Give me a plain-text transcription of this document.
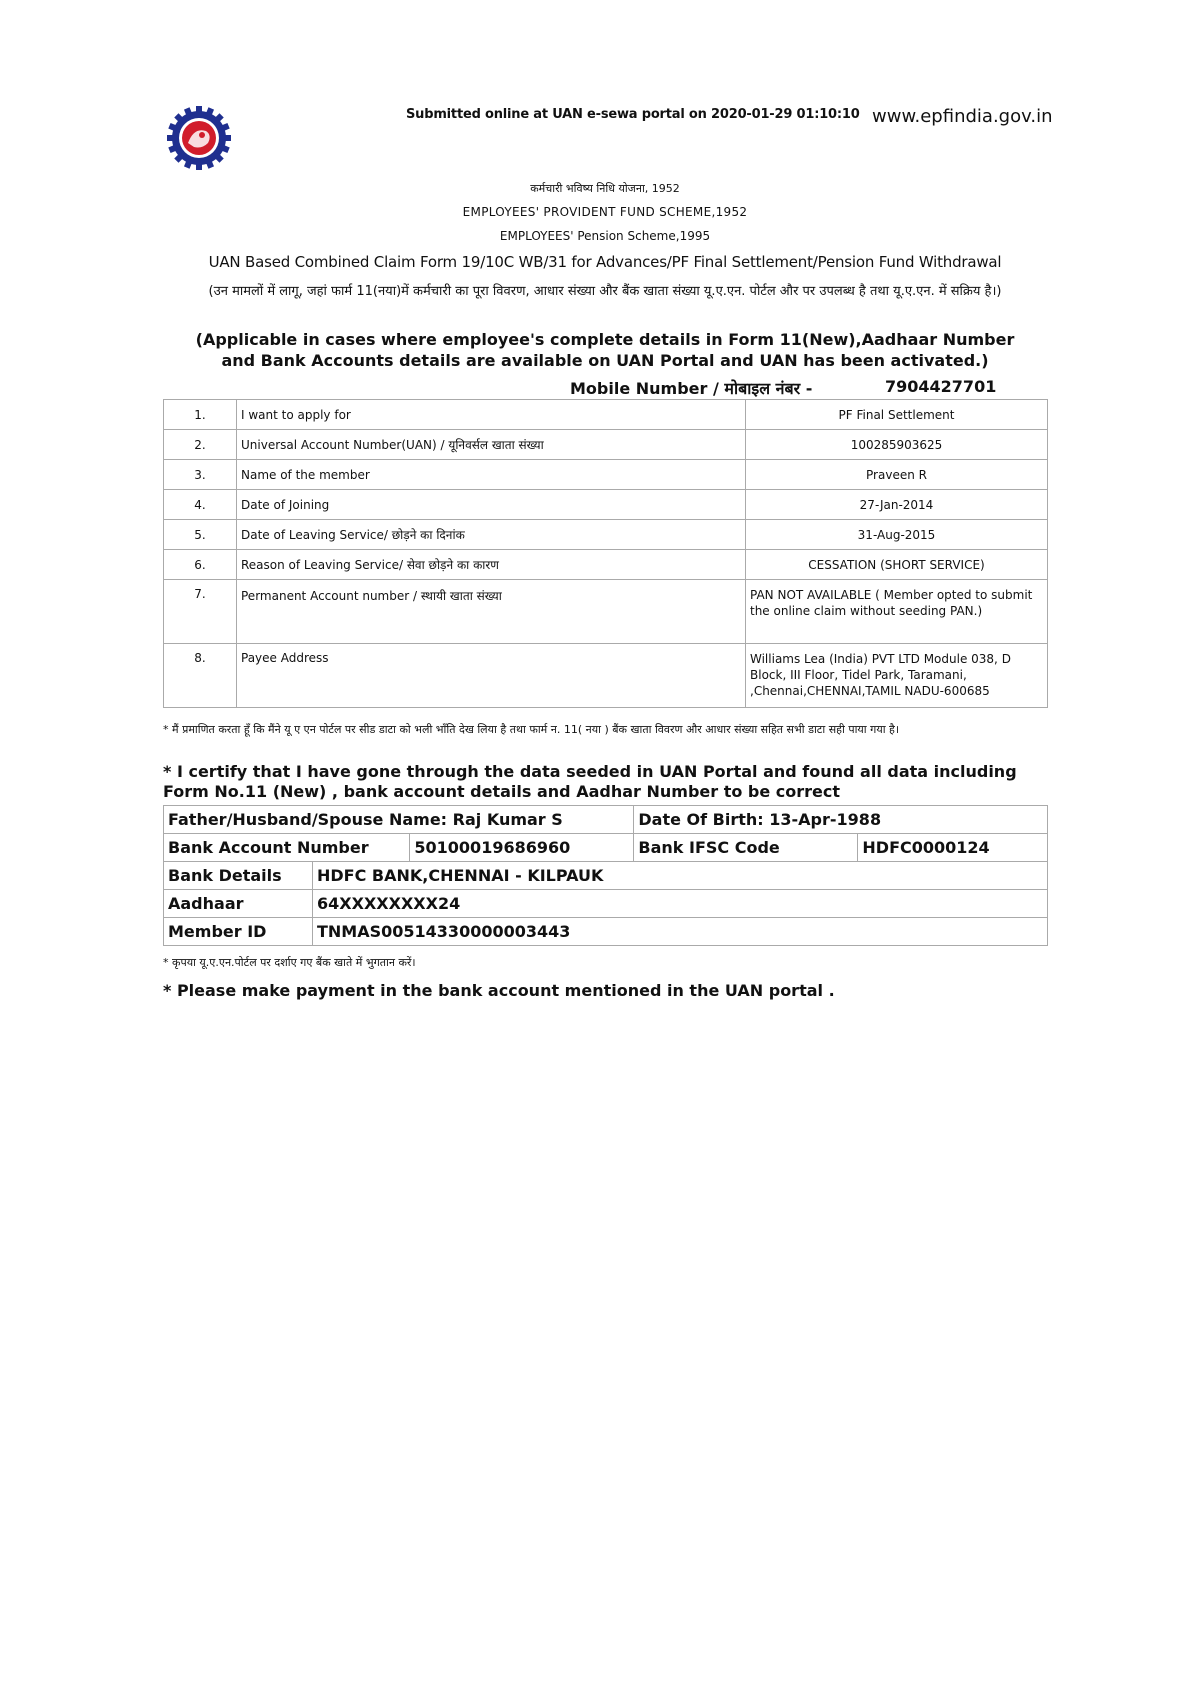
Submitted online at UAN e-sewa portal on 2020-01-29 01:10:10 www.epfindia.gov.in
कर्मचारी भविष्य निधि योजना, 1952
EMPLOYEES' PROVIDENT FUND SCHEME,1952
EMPLOYEES' Pension Scheme,1995
UAN Based Combined Claim Form 19/10C WB/31 for Advances/PF Final Settlement/Pension Fund Withdrawal
(उन मामलों में लागू, जहां फार्म 11(नया)में कर्मचारी का पूरा विवरण, आधार संख्या और बैंक खाता संख्या यू.ए.एन. पोर्टल और पर उपलब्ध है तथा यू.ए.एन. में सक्रिय है।)
(Applicable in cases where employee's complete details in Form 11(New),Aadhaar Number and Bank Accounts details are available on UAN Portal and UAN has been activated.)
Mobile Number / मोबाइल नंबर -	7904427701
1.	I want to apply for	PF Final Settlement
2.	Universal Account Number(UAN) / यूनिवर्सल खाता संख्या	100285903625
3.	Name of the member	Praveen R
4.	Date of Joining	27-Jan-2014
5.	Date of Leaving Service/ छोड़ने का दिनांक	31-Aug-2015
6.	Reason of Leaving Service/ सेवा छोड़ने का कारण	CESSATION (SHORT SERVICE)
7.	Permanent Account number / स्थायी खाता संख्या	PAN NOT AVAILABLE ( Member opted to submit the online claim without seeding PAN.)
8.	Payee Address	Williams Lea (India) PVT LTD Module 038, D Block, III Floor, Tidel Park, Taramani, ,Chennai,CHENNAI,TAMIL NADU-600685
* मैं प्रमाणित करता हूँ कि मैंने यू ए एन पोर्टल पर सीड डाटा को भली भाँति देख लिया है तथा फार्म न. 11( नया ) बैंक खाता विवरण और आधार संख्या सहित सभी डाटा सही पाया गया है।
* I certify that I have gone through the data seeded in UAN Portal and found all data including Form No.11 (New) , bank account details and Aadhar Number to be correct
Father/Husband/Spouse Name: Raj Kumar S			Date Of Birth: 13-Apr-1988	
Bank Account Number		50100019686960	Bank IFSC Code	HDFC0000124
Bank Details	HDFC BANK,CHENNAI - KILPAUK			
Aadhaar	64XXXXXXXX24			
Member ID	TNMAS00514330000003443			
* कृपया यू.ए.एन.पोर्टल पर दर्शाए गए बैंक खाते में भुगतान करें।
* Please make payment in the bank account mentioned in the UAN portal .
